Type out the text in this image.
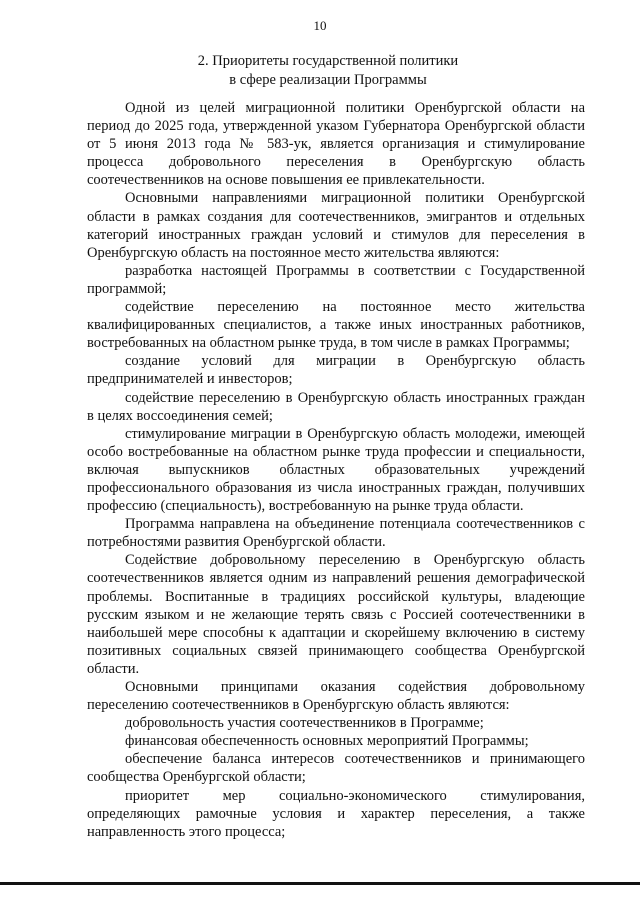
10
2. Приоритеты государственной политики
в сфере реализации Программы

Одной из целей миграционной политики Оренбургской области на период до 2025 года, утвержденной указом Губернатора Оренбургской области от 5 июня 2013 года № 583-ук, является организация и стимулирование процесса добровольного переселения в Оренбургскую область соотечественников на основе повышения ее привлекательности.

Основными направлениями миграционной политики Оренбургской области в рамках создания для соотечественников, эмигрантов и отдельных категорий иностранных граждан условий и стимулов для переселения в Оренбургскую область на постоянное место жительства являются:

разработка настоящей Программы в соответствии с Государственной программой;

содействие переселению на постоянное место жительства квалифицированных специалистов, а также иных иностранных работников, востребованных на областном рынке труда, в том числе в рамках Программы;

создание условий для миграции в Оренбургскую область предпринимателей и инвесторов;

содействие переселению в Оренбургскую область иностранных граждан в целях воссоединения семей;

стимулирование миграции в Оренбургскую область молодежи, имеющей особо востребованные на областном рынке труда профессии и специальности, включая выпускников областных образовательных учреждений профессионального образования из числа иностранных граждан, получивших профессию (специальность), востребованную на рынке труда области.

Программа направлена на объединение потенциала соотечественников с потребностями развития Оренбургской области.

Содействие добровольному переселению в Оренбургскую область соотечественников является одним из направлений решения демографической проблемы. Воспитанные в традициях российской культуры, владеющие русским языком и не желающие терять связь с Россией соотечественники в наибольшей мере способны к адаптации и скорейшему включению в систему позитивных социальных связей принимающего сообщества Оренбургской области.

Основными принципами оказания содействия добровольному переселению соотечественников в Оренбургскую область являются:

добровольность участия соотечественников в Программе;

финансовая обеспеченность основных мероприятий Программы;

обеспечение баланса интересов соотечественников и принимающего сообщества Оренбургской области;

приоритет мер социально-экономического стимулирования, определяющих рамочные условия и характер переселения, а также направленность этого процесса;
